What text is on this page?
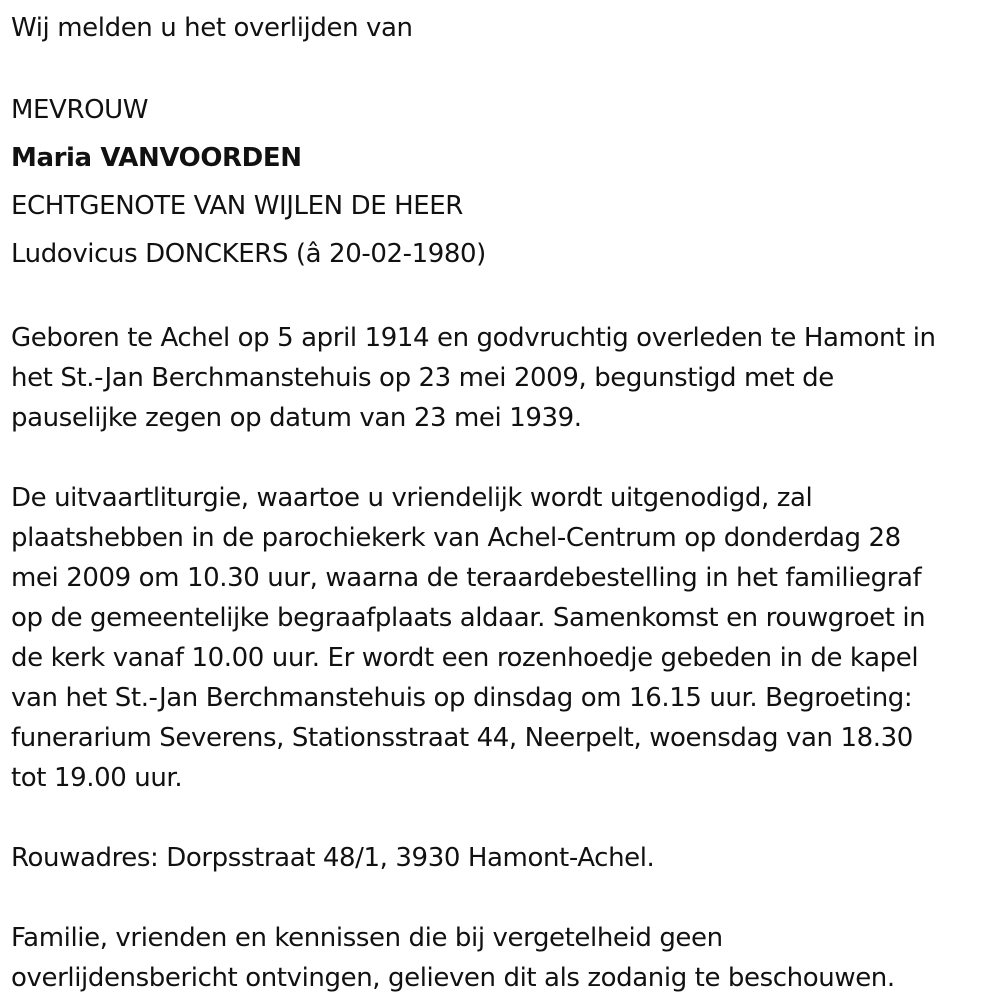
Wij melden u het overlijden van
MEVROUW
Maria VANVOORDEN
ECHTGENOTE VAN WIJLEN DE HEER
Ludovicus DONCKERS (â 20-02-1980)
Geboren te Achel op 5 april 1914 en godvruchtig overleden te Hamont in
het St.-Jan Berchmanstehuis op 23 mei 2009, begunstigd met de
pauselijke zegen op datum van 23 mei 1939.
De uitvaartliturgie, waartoe u vriendelijk wordt uitgenodigd, zal
plaatshebben in de parochiekerk van Achel-Centrum op donderdag 28
mei 2009 om 10.30 uur, waarna de teraardebestelling in het familiegraf
op de gemeentelijke begraafplaats aldaar. Samenkomst en rouwgroet in
de kerk vanaf 10.00 uur. Er wordt een rozenhoedje gebeden in de kapel
van het St.-Jan Berchmanstehuis op dinsdag om 16.15 uur. Begroeting:
funerarium Severens, Stationsstraat 44, Neerpelt, woensdag van 18.30
tot 19.00 uur.
Rouwadres: Dorpsstraat 48/1, 3930 Hamont-Achel.
Familie, vrienden en kennissen die bij vergetelheid geen
overlijdensbericht ontvingen, gelieven dit als zodanig te beschouwen.
